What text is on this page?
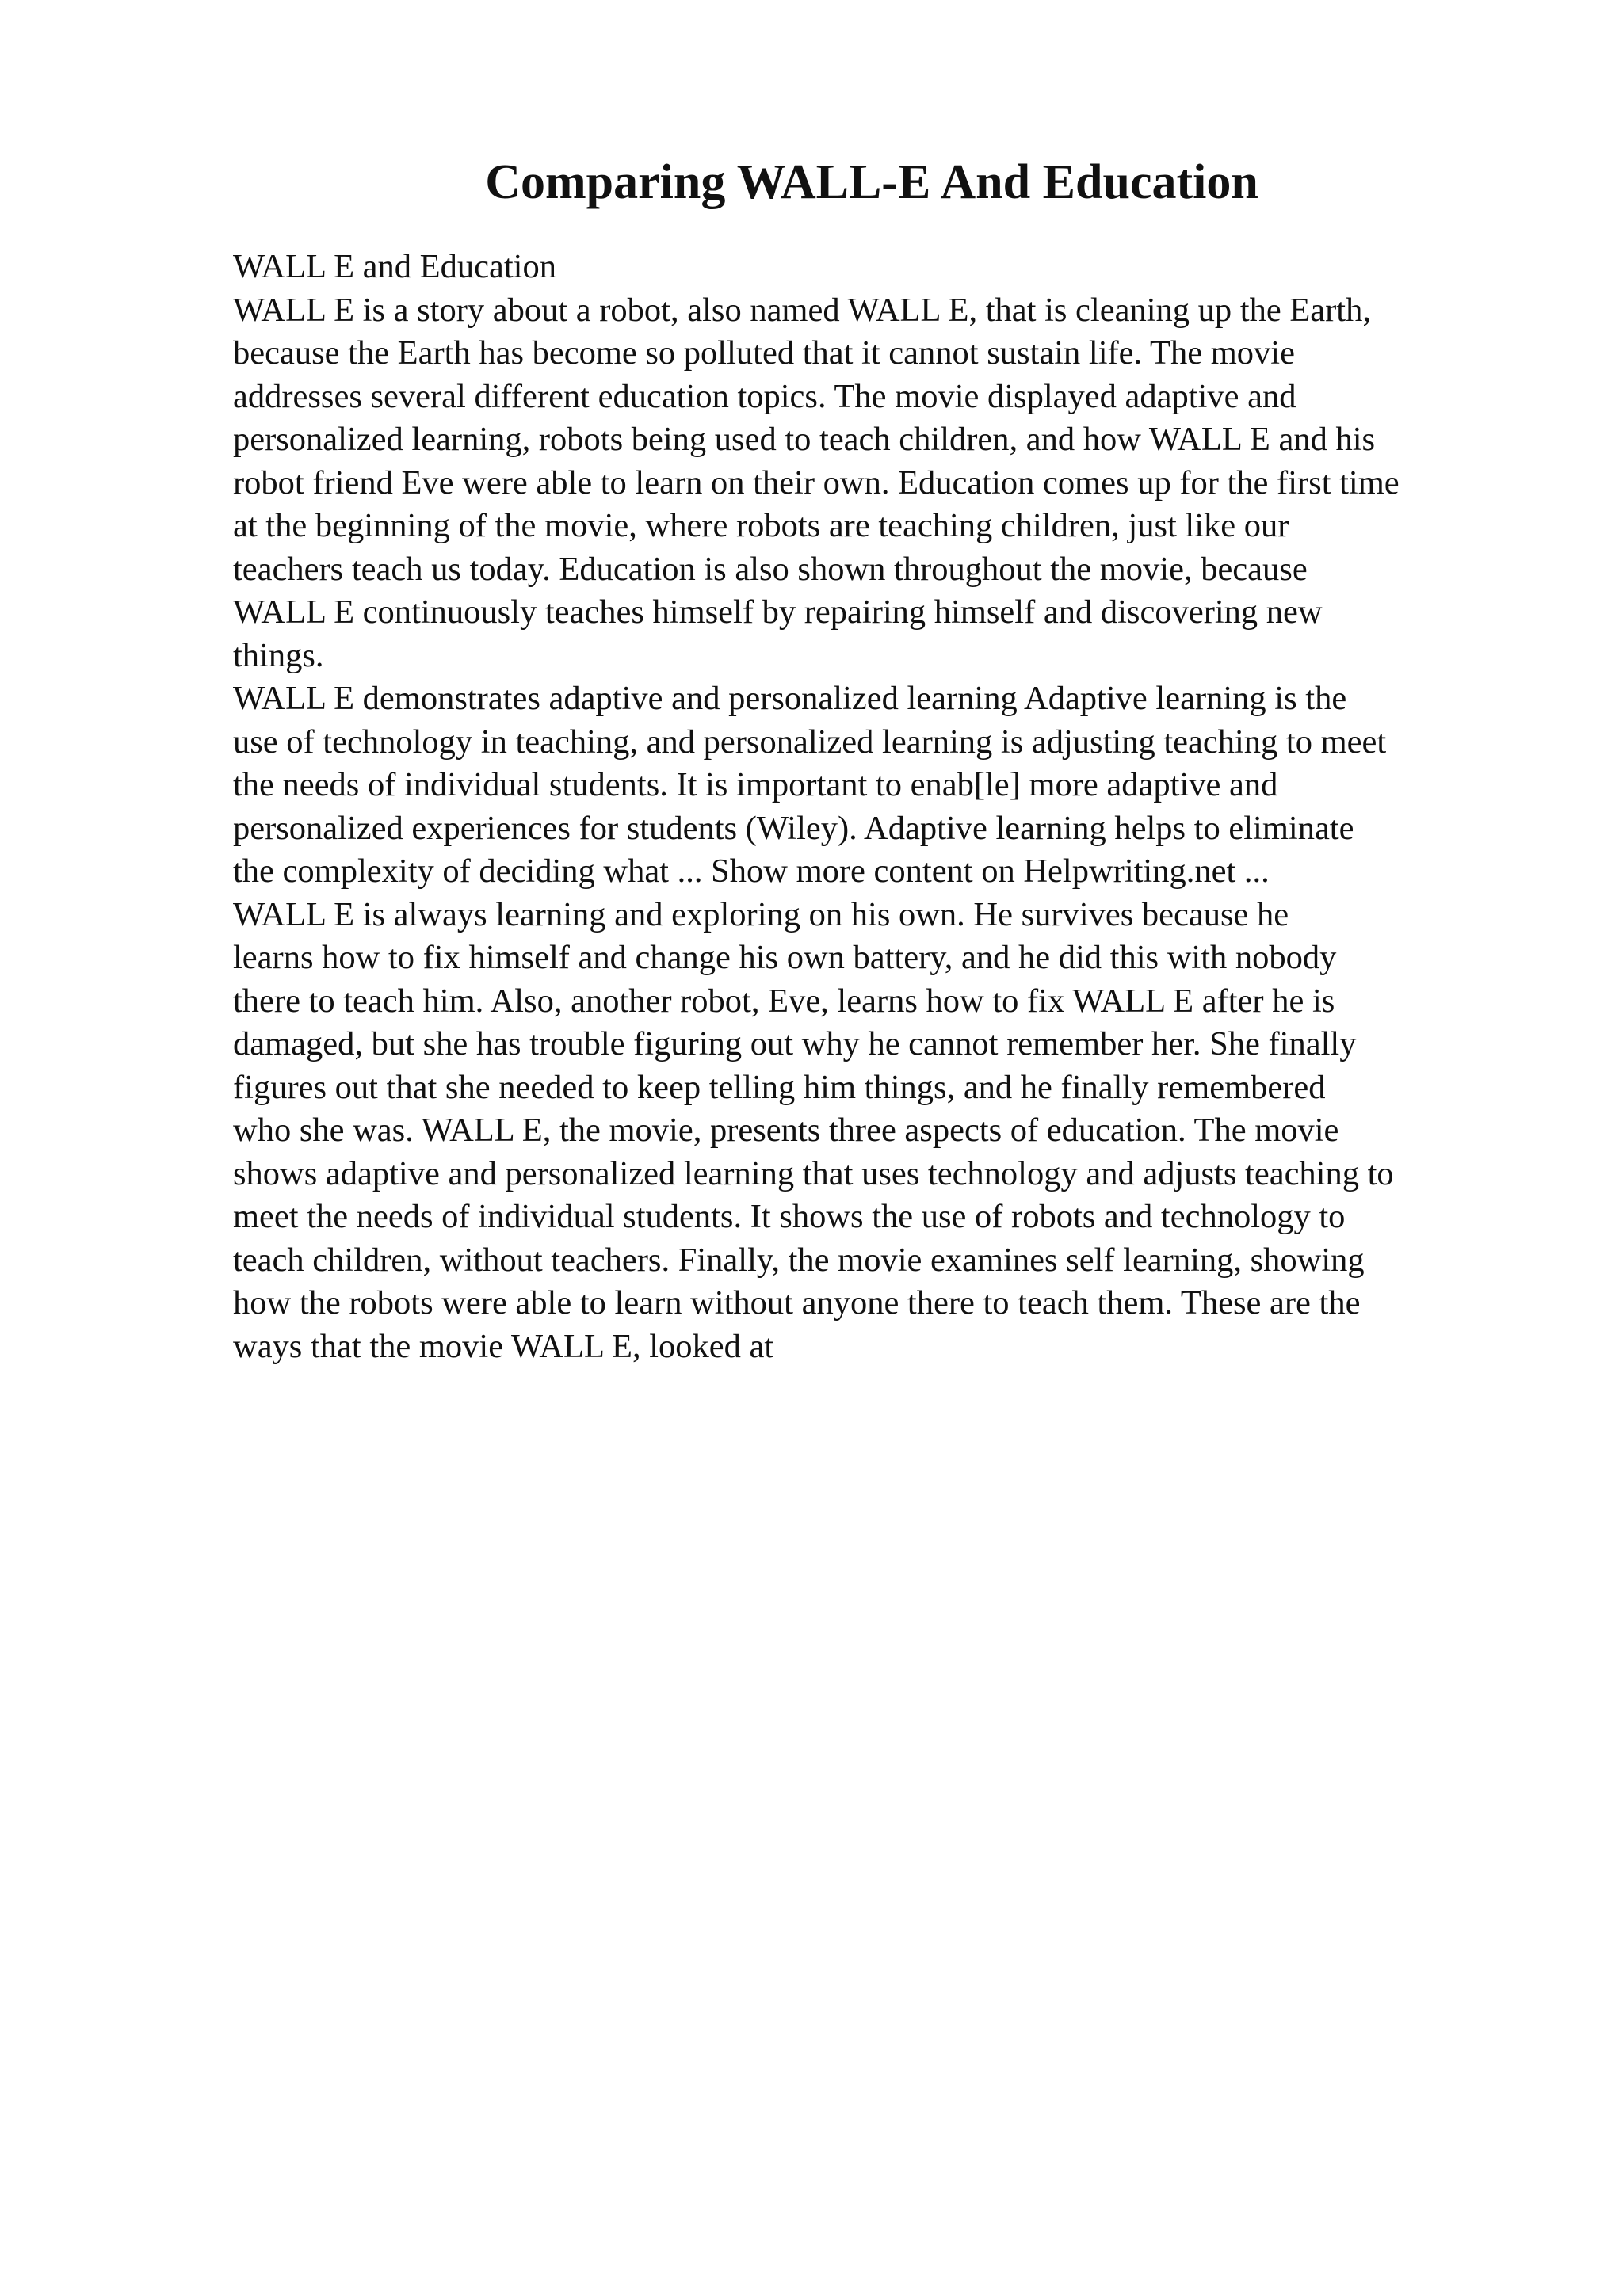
Comparing WALL-E And Education
WALL E and Education
WALL E is a story about a robot, also named WALL E, that is cleaning up the Earth,
because the Earth has become so polluted that it cannot sustain life. The movie
addresses several different education topics. The movie displayed adaptive and
personalized learning, robots being used to teach children, and how WALL E and his
robot friend Eve were able to learn on their own. Education comes up for the first time
at the beginning of the movie, where robots are teaching children, just like our
teachers teach us today. Education is also shown throughout the movie, because
WALL E continuously teaches himself by repairing himself and discovering new
things.
WALL E demonstrates adaptive and personalized learning Adaptive learning is the
use of technology in teaching, and personalized learning is adjusting teaching to meet
the needs of individual students. It is important to enab[le] more adaptive and
personalized experiences for students (Wiley). Adaptive learning helps to eliminate
the complexity of deciding what ... Show more content on Helpwriting.net ...
WALL E is always learning and exploring on his own. He survives because he
learns how to fix himself and change his own battery, and he did this with nobody
there to teach him. Also, another robot, Eve, learns how to fix WALL E after he is
damaged, but she has trouble figuring out why he cannot remember her. She finally
figures out that she needed to keep telling him things, and he finally remembered
who she was. WALL E, the movie, presents three aspects of education. The movie
shows adaptive and personalized learning that uses technology and adjusts teaching to
meet the needs of individual students. It shows the use of robots and technology to
teach children, without teachers. Finally, the movie examines self learning, showing
how the robots were able to learn without anyone there to teach them. These are the
ways that the movie WALL E, looked at
